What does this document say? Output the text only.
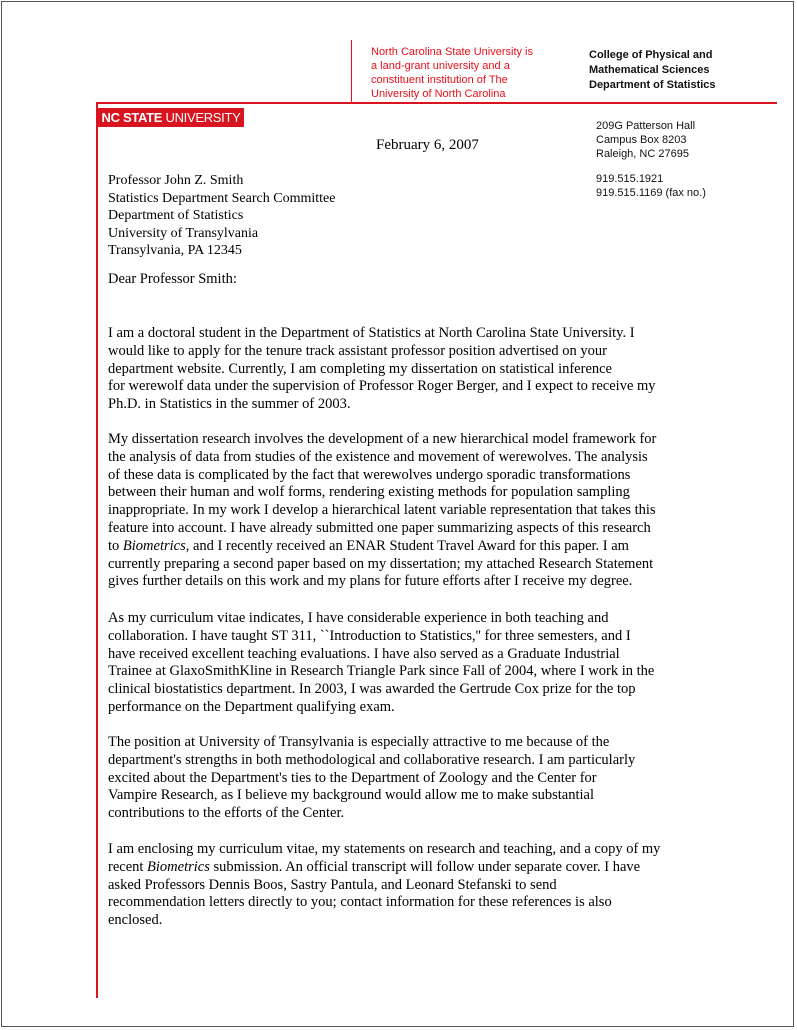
North Carolina State University is
a land-grant university and a
constituent institution of The
University of North Carolina
College of Physical and
Mathematical Sciences
Department of Statistics
NC STATE UNIVERSITY
209G Patterson Hall
Campus Box 8203
Raleigh, NC 27695
919.515.1921
919.515.1169 (fax no.)
February 6, 2007
Professor John Z. Smith
Statistics Department Search Committee
Department of Statistics
University of Transylvania
Transylvania, PA 12345
Dear Professor Smith:
I am a doctoral student in the Department of Statistics at North Carolina State University. I
would like to apply for the tenure track assistant professor position advertised on your
department website. Currently, I am completing my dissertation on statistical inference
for werewolf data under the supervision of Professor Roger Berger, and I expect to receive my
Ph.D. in Statistics in the summer of 2003.
My dissertation research involves the development of a new hierarchical model framework for
the analysis of data from studies of the existence and movement of werewolves. The analysis
of these data is complicated by the fact that werewolves undergo sporadic transformations
between their human and wolf forms, rendering existing methods for population sampling
inappropriate. In my work I develop a hierarchical latent variable representation that takes this
feature into account. I have already submitted one paper summarizing aspects of this research
to Biometrics, and I recently received an ENAR Student Travel Award for this paper. I am
currently preparing a second paper based on my dissertation; my attached Research Statement
gives further details on this work and my plans for future efforts after I receive my degree.
As my curriculum vitae indicates, I have considerable experience in both teaching and
collaboration. I have taught ST 311, ``Introduction to Statistics,'' for three semesters, and I
have received excellent teaching evaluations. I have also served as a Graduate Industrial
Trainee at GlaxoSmithKline in Research Triangle Park since Fall of 2004, where I work in the
clinical biostatistics department. In 2003, I was awarded the Gertrude Cox prize for the top
performance on the Department qualifying exam.
The position at University of Transylvania is especially attractive to me because of the
department's strengths in both methodological and collaborative research. I am particularly
excited about the Department's ties to the Department of Zoology and the Center for
Vampire Research, as I believe my background would allow me to make substantial
contributions to the efforts of the Center.
I am enclosing my curriculum vitae, my statements on research and teaching, and a copy of my
recent Biometrics submission. An official transcript will follow under separate cover. I have
asked Professors Dennis Boos, Sastry Pantula, and Leonard Stefanski to send
recommendation letters directly to you; contact information for these references is also
enclosed.
